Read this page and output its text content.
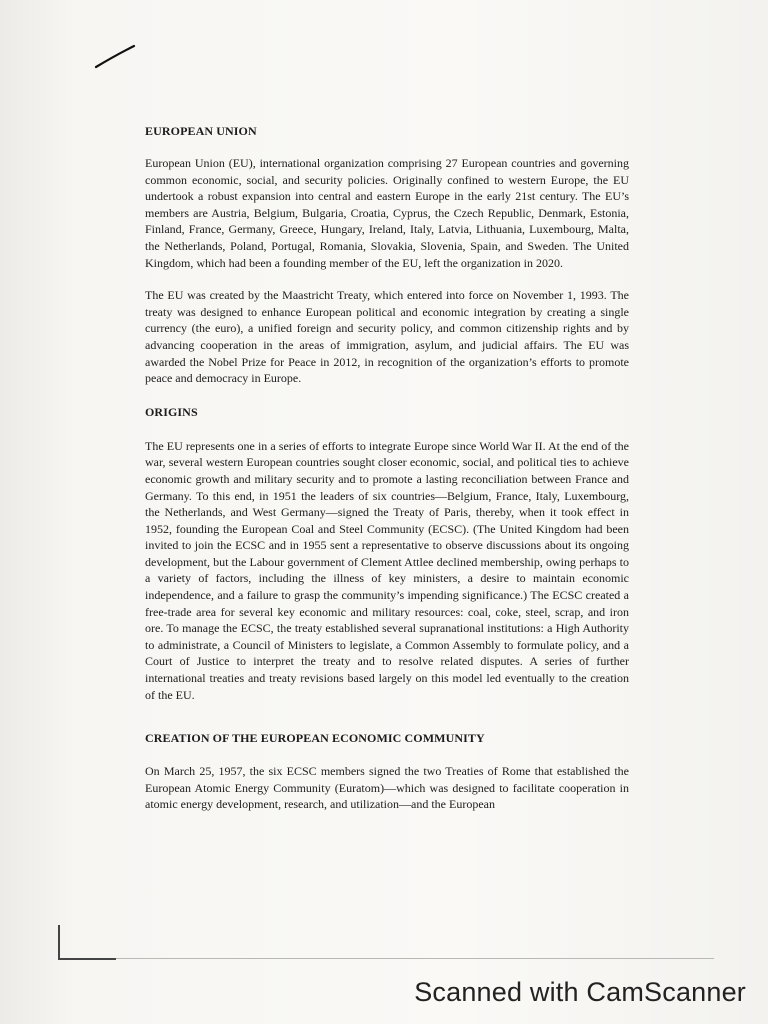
EUROPEAN UNION

European Union (EU), international organization comprising 27 European countries and governing common economic, social, and security policies. Originally confined to western Europe, the EU undertook a robust expansion into central and eastern Europe in the early 21st century. The EU’s members are Austria, Belgium, Bulgaria, Croatia, Cyprus, the Czech Republic, Denmark, Estonia, Finland, France, Germany, Greece, Hungary, Ireland, Italy, Latvia, Lithuania, Luxembourg, Malta, the Netherlands, Poland, Portugal, Romania, Slovakia, Slovenia, Spain, and Sweden. The United Kingdom, which had been a founding member of the EU, left the organization in 2020.

The EU was created by the Maastricht Treaty, which entered into force on November 1, 1993. The treaty was designed to enhance European political and economic integration by creating a single currency (the euro), a unified foreign and security policy, and common citizenship rights and by advancing cooperation in the areas of immigration, asylum, and judicial affairs. The EU was awarded the Nobel Prize for Peace in 2012, in recognition of the organization’s efforts to promote peace and democracy in Europe.

ORIGINS

The EU represents one in a series of efforts to integrate Europe since World War II. At the end of the war, several western European countries sought closer economic, social, and political ties to achieve economic growth and military security and to promote a lasting reconciliation between France and Germany. To this end, in 1951 the leaders of six countries—Belgium, France, Italy, Luxembourg, the Netherlands, and West Germany—signed the Treaty of Paris, thereby, when it took effect in 1952, founding the European Coal and Steel Community (ECSC). (The United Kingdom had been invited to join the ECSC and in 1955 sent a representative to observe discussions about its ongoing development, but the Labour government of Clement Attlee declined membership, owing perhaps to a variety of factors, including the illness of key ministers, a desire to maintain economic independence, and a failure to grasp the community’s impending significance.) The ECSC created a free-trade area for several key economic and military resources: coal, coke, steel, scrap, and iron ore. To manage the ECSC, the treaty established several supranational institutions: a High Authority to administrate, a Council of Ministers to legislate, a Common Assembly to formulate policy, and a Court of Justice to interpret the treaty and to resolve related disputes. A series of further international treaties and treaty revisions based largely on this model led eventually to the creation of the EU.

CREATION OF THE EUROPEAN ECONOMIC COMMUNITY

On March 25, 1957, the six ECSC members signed the two Treaties of Rome that established the European Atomic Energy Community (Euratom)—which was designed to facilitate cooperation in atomic energy development, research, and utilization—and the European

Scanned with CamScanner
